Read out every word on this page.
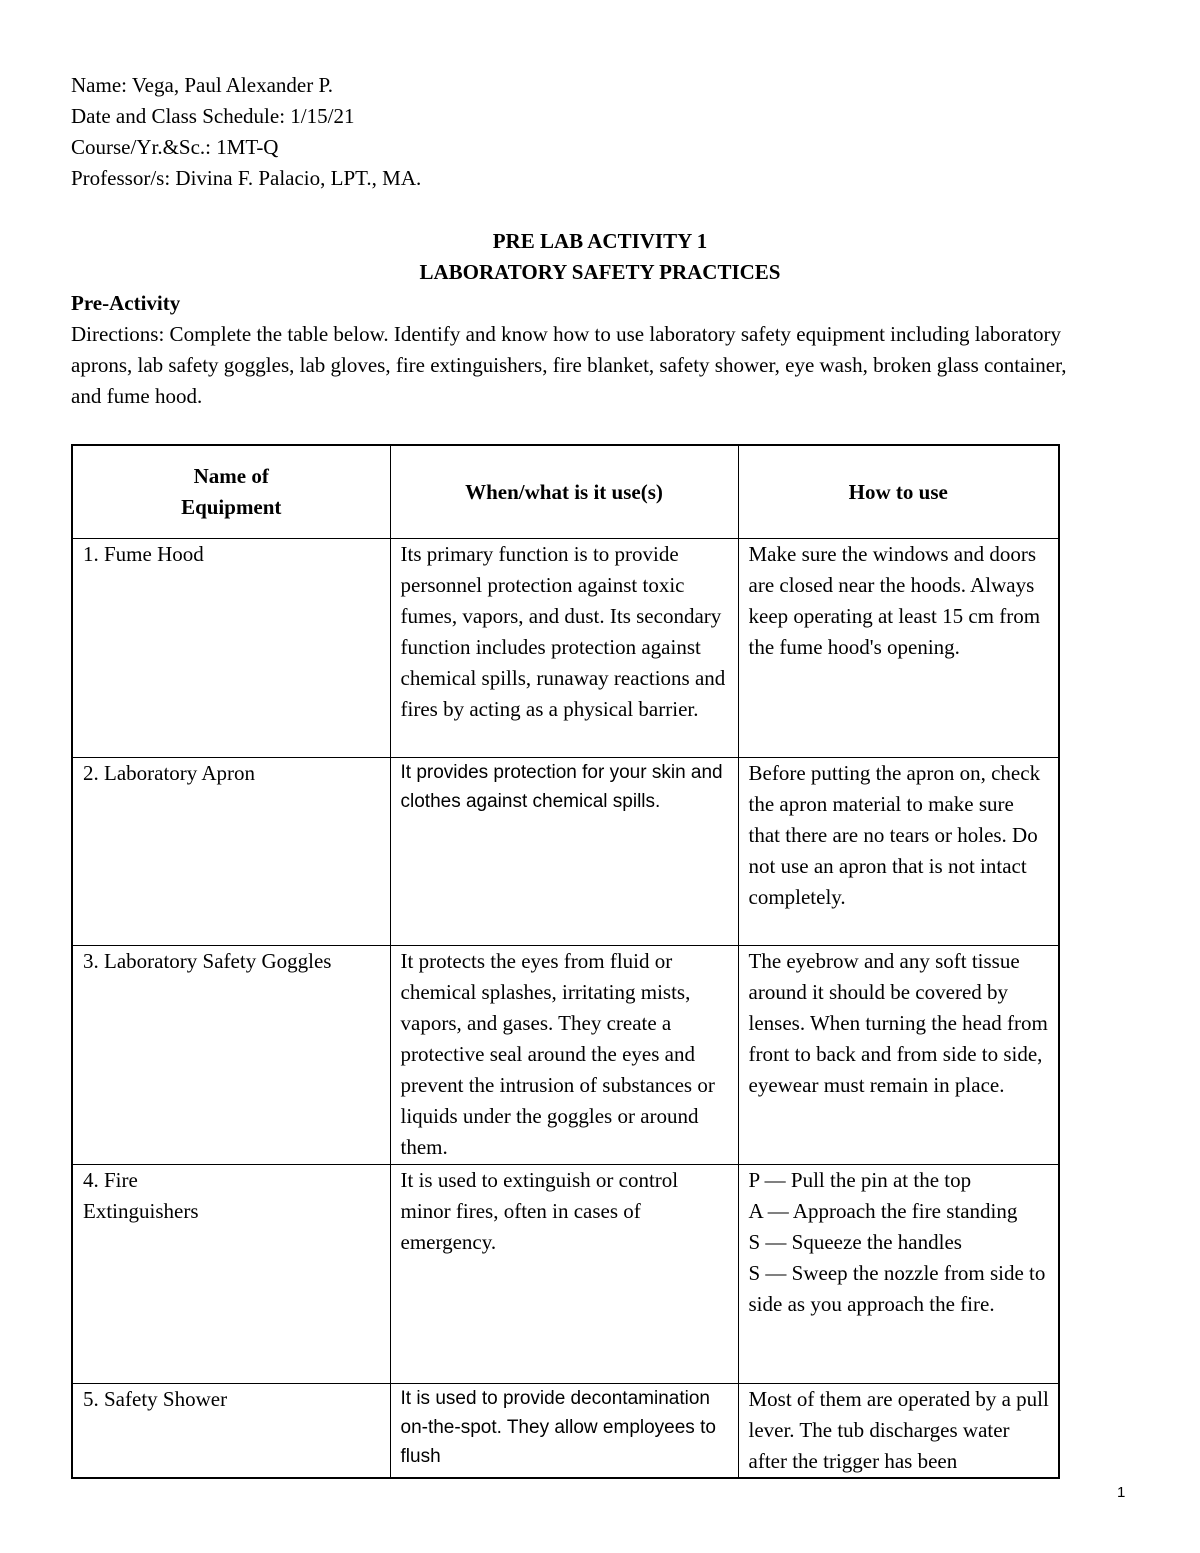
Name: Vega, Paul Alexander P.
Date and Class Schedule: 1/15/21
Course/Yr.&Sc.: 1MT-Q
Professor/s: Divina F. Palacio, LPT., MA.
PRE LAB ACTIVITY 1
LABORATORY SAFETY PRACTICES
Pre-Activity
Directions: Complete the table below. Identify and know how to use laboratory safety equipment including laboratory aprons, lab safety goggles, lab gloves, fire extinguishers, fire blanket, safety shower, eye wash, broken glass container, and fume hood.
Name of
Equipment	When/what is it use(s)	How to use
1. Fume Hood	Its primary function is to provide personnel protection against toxic fumes, vapors, and dust. Its secondary function includes protection against chemical spills, runaway reactions and fires by acting as a physical barrier.	Make sure the windows and doors are closed near the hoods. Always keep operating at least 15 cm from the fume hood's opening.
2. Laboratory Apron	It provides protection for your skin and clothes against chemical spills.	Before putting the apron on, check the apron material to make sure that there are no tears or holes. Do not use an apron that is not intact completely.
3. Laboratory Safety Goggles	It protects the eyes from fluid or chemical splashes, irritating mists, vapors, and gases. They create a protective seal around the eyes and prevent the intrusion of substances or liquids under the goggles or around them.	The eyebrow and any soft tissue around it should be covered by lenses. When turning the head from front to back and from side to side, eyewear must remain in place.
4. Fire
Extinguishers	It is used to extinguish or control minor fires, often in cases of emergency.	P — Pull the pin at the top
A — Approach the fire standing
S — Squeeze the handles
S — Sweep the nozzle from side to side as you approach the fire.
5. Safety Shower	It is used to provide decontamination on-the-spot. They allow employees to flush	Most of them are operated by a pull lever. The tub discharges water after the trigger has been
1
